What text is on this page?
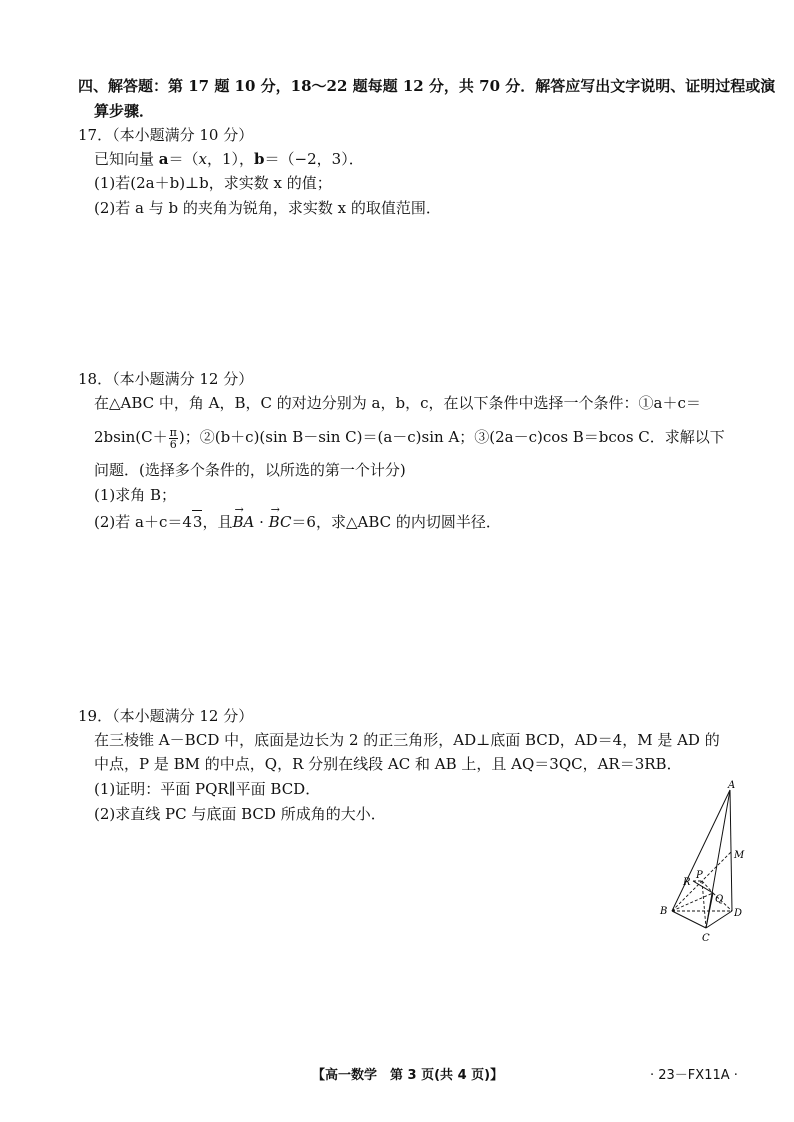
四、解答题：第 17 题 10 分，18～22 题每题 12 分，共 70 分．解答应写出文字说明、证明过程或演
算步骤．
17．（本小题满分 10 分）
已知向量 a＝（x，1），b＝（−2，3）．
(1)若(2a＋b)⊥b，求实数 x 的值；
(2)若 a 与 b 的夹角为锐角，求实数 x 的取值范围．
18．（本小题满分 12 分）
在△ABC 中，角 A，B，C 的对边分别为 a，b，c，在以下条件中选择一个条件：①a＋c＝
$2bsin(C+ \frac{\pi}{6}$ )；②(b＋c)(sin B－sin C)＝(a－c)sin A；③(2a－c)cos B＝bcos C．求解以下
问题．(选择多个条件的，以所选的第一个计分)
(1)求角 B；
(2)若 a＋c＝43，且→ BA · → BC＝6，求△ABC 的内切圆半径．
19．（本小题满分 12 分）
在三棱锥 A－BCD 中，底面是边长为 2 的正三角形，AD⊥底面 BCD，AD＝4，M 是 AD 的
中点，P 是 BM 的中点，Q，R 分别在线段 AC 和 AB 上，且 AQ＝3QC，AR＝3RB．
(1)证明：平面 PQR∥平面 BCD．
(2)求直线 PC 与底面 BCD 所成角的大小．
A
M
P
R
Q
B
C
D
【高一数学　第 3 页(共 4 页)】	· 23－FX11A ·
